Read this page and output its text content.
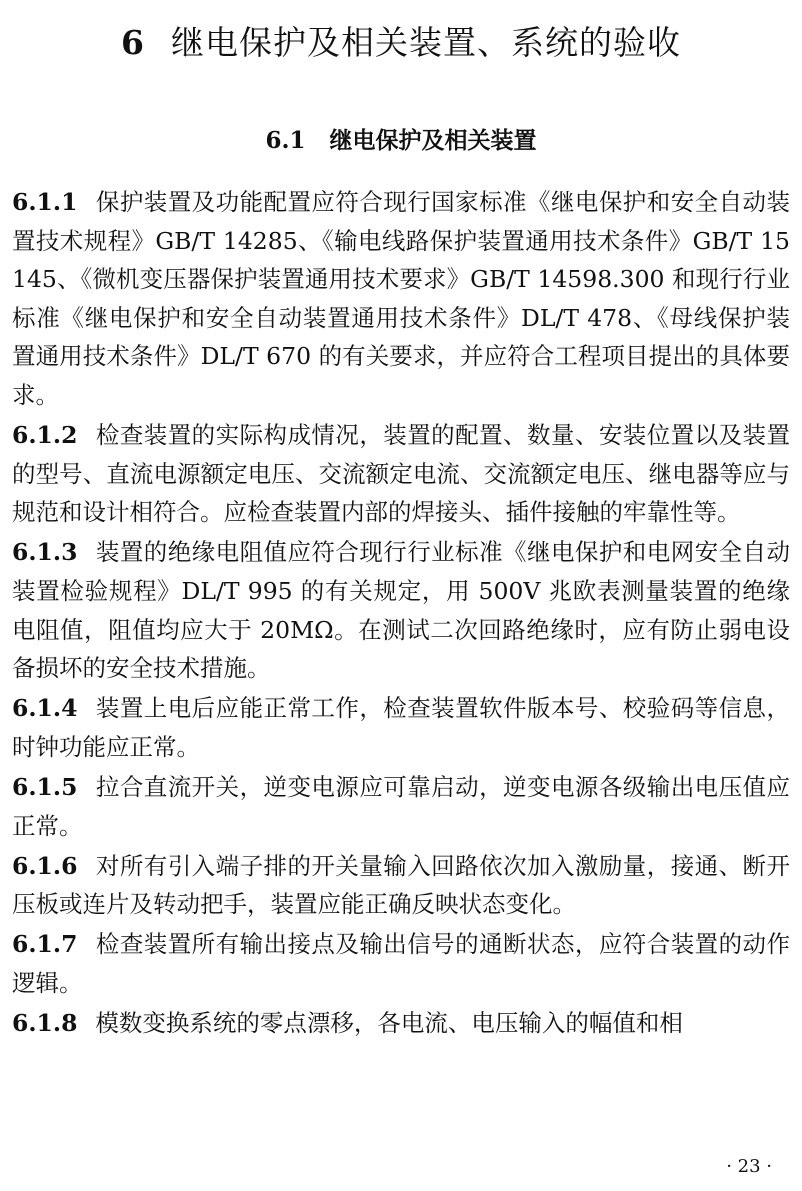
6 继电保护及相关装置、系统的验收
6.1 继电保护及相关装置

6.1.1 保护装置及功能配置应符合现行国家标准《继电保护和安全自动装置技术规程》GB/T 14285、《输电线路保护装置通用技术条件》GB/T 15145、《微机变压器保护装置通用技术要求》GB/T 14598.300 和现行行业标准《继电保护和安全自动装置通用技术条件》DL/T 478、《母线保护装置通用技术条件》DL/T 670 的有关要求，并应符合工程项目提出的具体要求。

6.1.2 检查装置的实际构成情况，装置的配置、数量、安装位置以及装置的型号、直流电源额定电压、交流额定电流、交流额定电压、继电器等应与规范和设计相符合。应检查装置内部的焊接头、插件接触的牢靠性等。

6.1.3 装置的绝缘电阻值应符合现行行业标准《继电保护和电网安全自动装置检验规程》DL/T 995 的有关规定，用 500V 兆欧表测量装置的绝缘电阻值，阻值均应大于 20MΩ。在测试二次回路绝缘时，应有防止弱电设备损坏的安全技术措施。

6.1.4 装置上电后应能正常工作，检查装置软件版本号、校验码等信息，时钟功能应正常。

6.1.5 拉合直流开关，逆变电源应可靠启动，逆变电源各级输出电压值应正常。

6.1.6 对所有引入端子排的开关量输入回路依次加入激励量，接通、断开压板或连片及转动把手，装置应能正确反映状态变化。

6.1.7 检查装置所有输出接点及输出信号的通断状态，应符合装置的动作逻辑。

6.1.8 模数变换系统的零点漂移，各电流、电压输入的幅值和相

· 23 ·
